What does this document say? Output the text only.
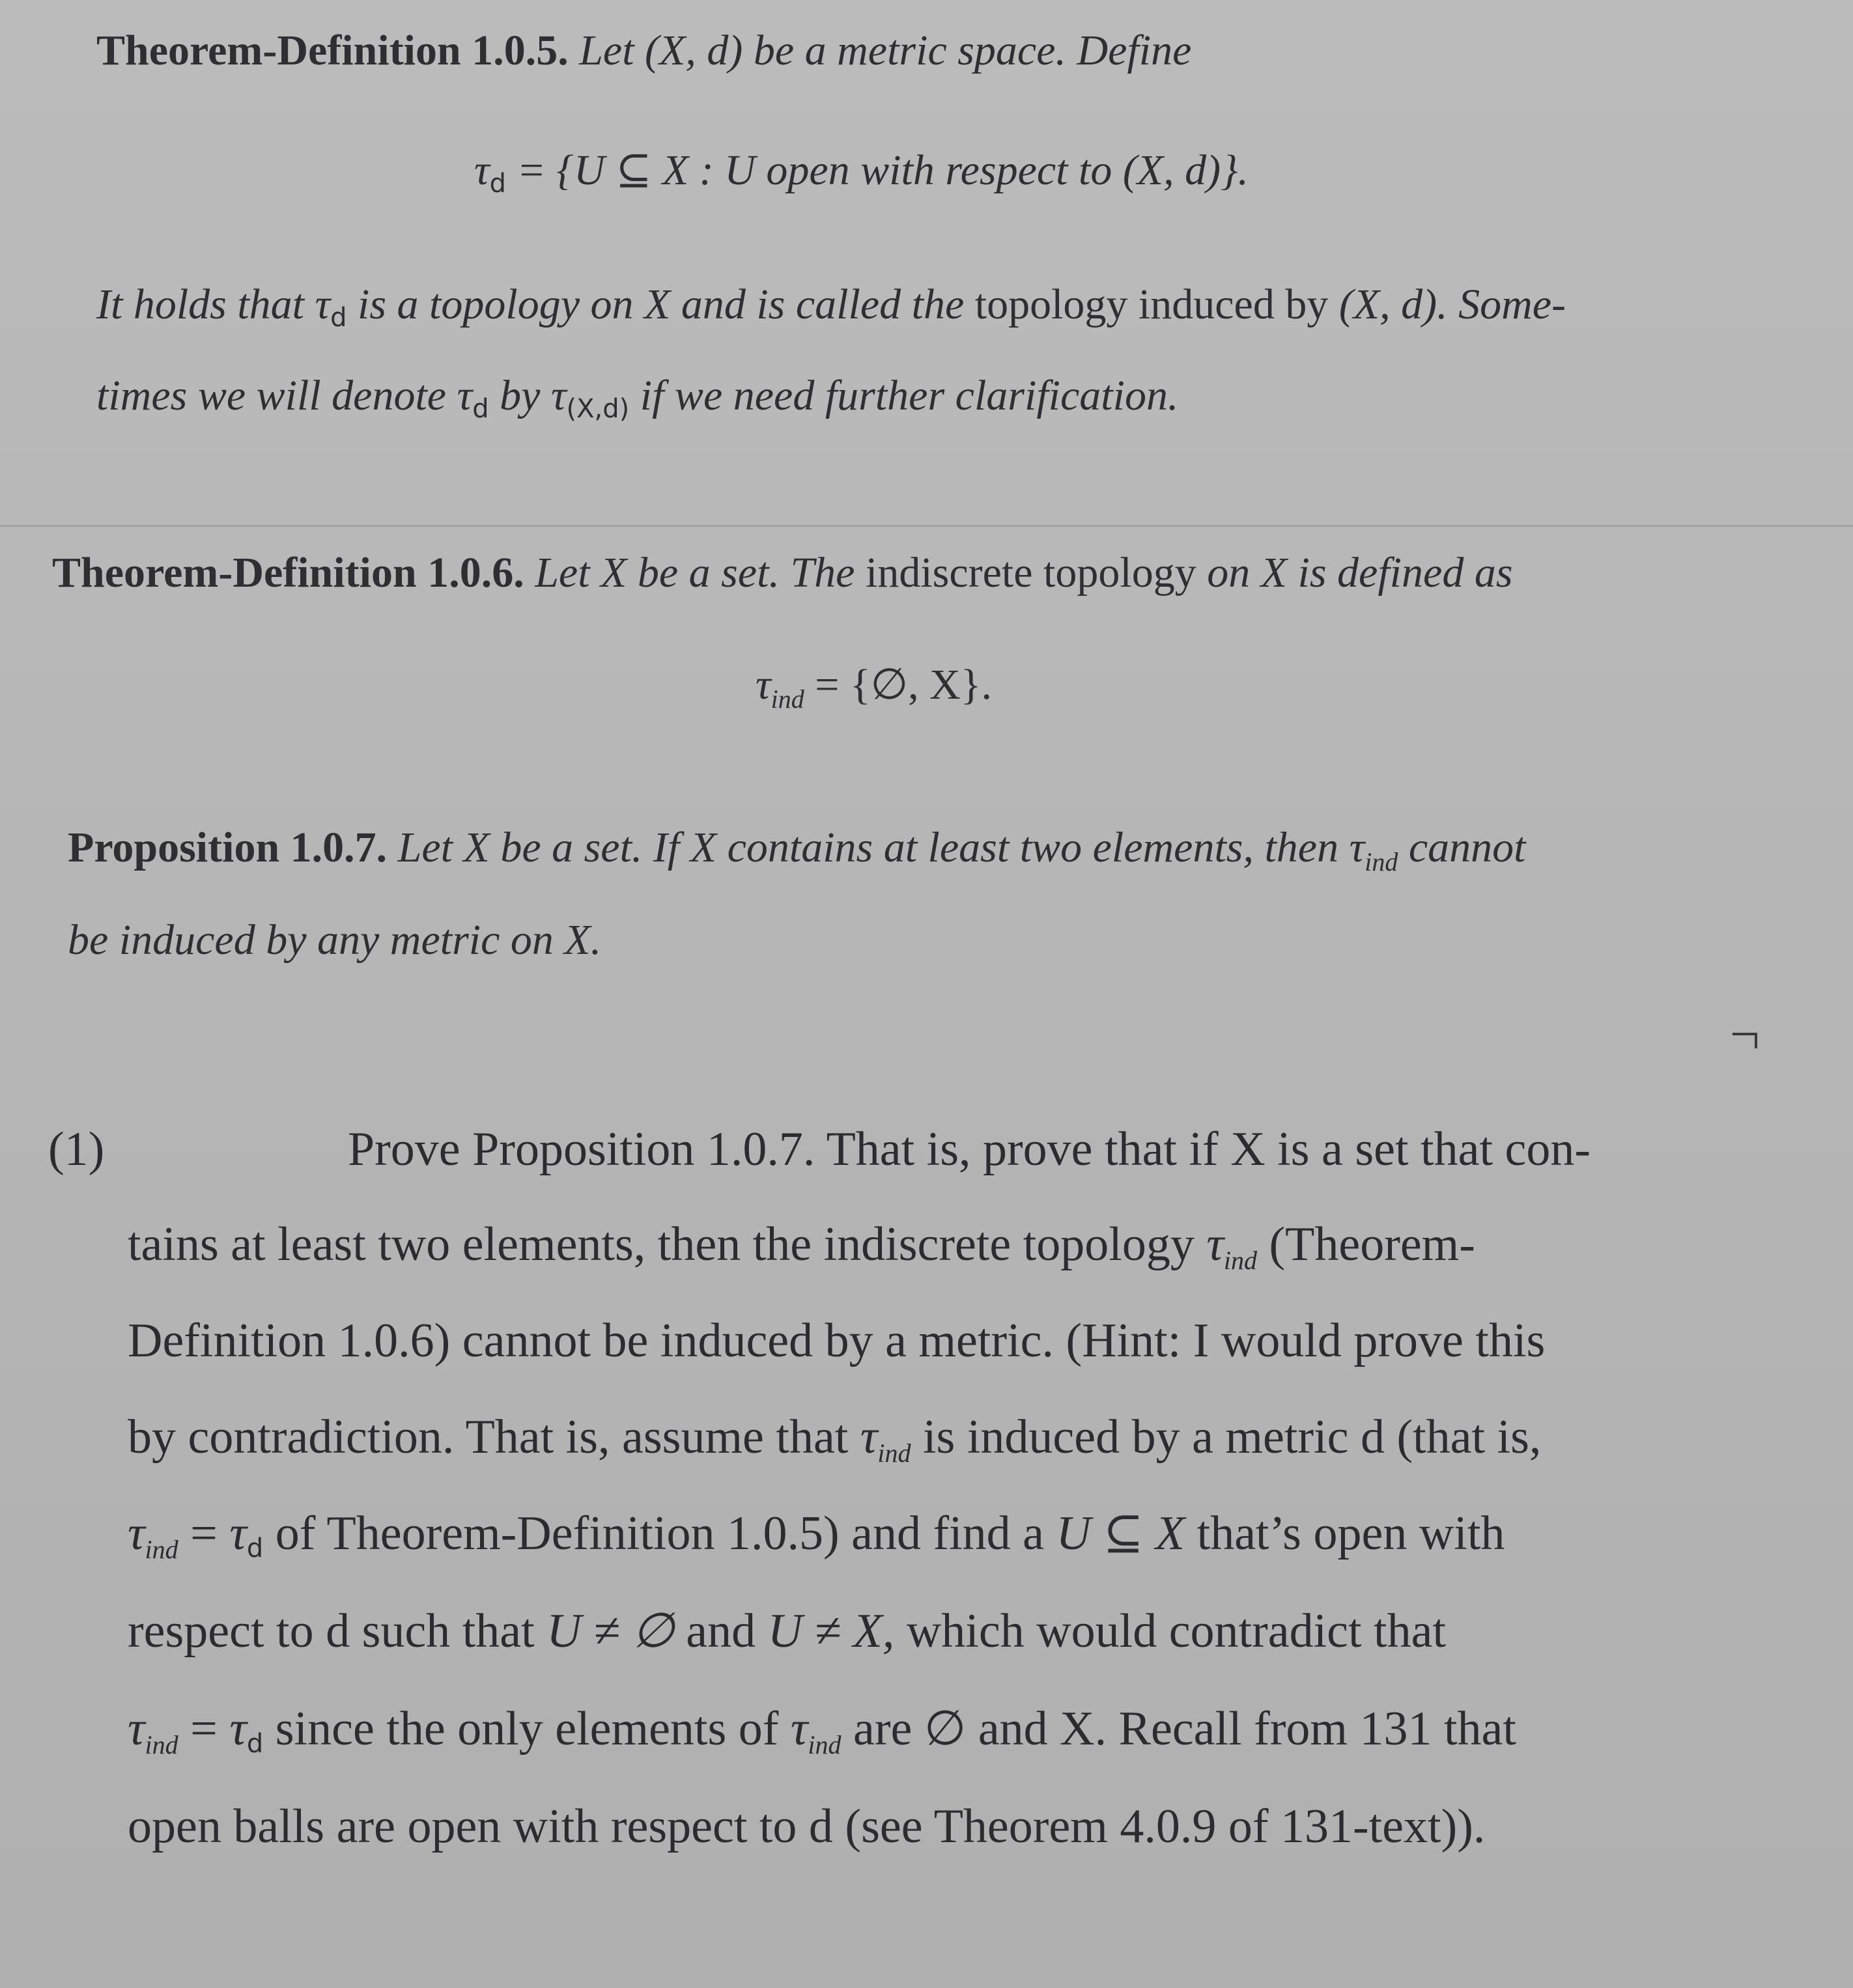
Theorem-Definition 1.0.5. Let (X, d) be a metric space. Define
τd = {U ⊆ X : U open with respect to (X, d)}.
It holds that τd is a topology on X and is called the topology induced by (X, d). Some-
times we will denote τd by τ(X,d) if we need further clarification.
Theorem-Definition 1.0.6. Let X be a set. The indiscrete topology on X is defined as
$\tau_{ind}$ = {∅, X}.
Proposition 1.0.7. Let X be a set. If X contains at least two elements, then $\tau_{ind}$ cannot
be induced by any metric on X.
(1)	Prove Proposition 1.0.7. That is, prove that if X is a set that con-
tains at least two elements, then the indiscrete topology $\tau_{ind}$ (Theorem-
Definition 1.0.6) cannot be induced by a metric. (Hint: I would prove this
by contradiction. That is, assume that $\tau_{ind}$ is induced by a metric d (that is,
$\tau_{ind} = \tau d$ of Theorem-Definition 1.0.5) and find a U ⊆ X that’s open with
respect to d such that U ≠ ∅ and U ≠ X, which would contradict that
$\tau_{ind} = \tau d$ since the only elements of $\tau_{ind}$ are ∅ and X. Recall from 131 that
open balls are open with respect to d (see Theorem 4.0.9 of 131-text)).
